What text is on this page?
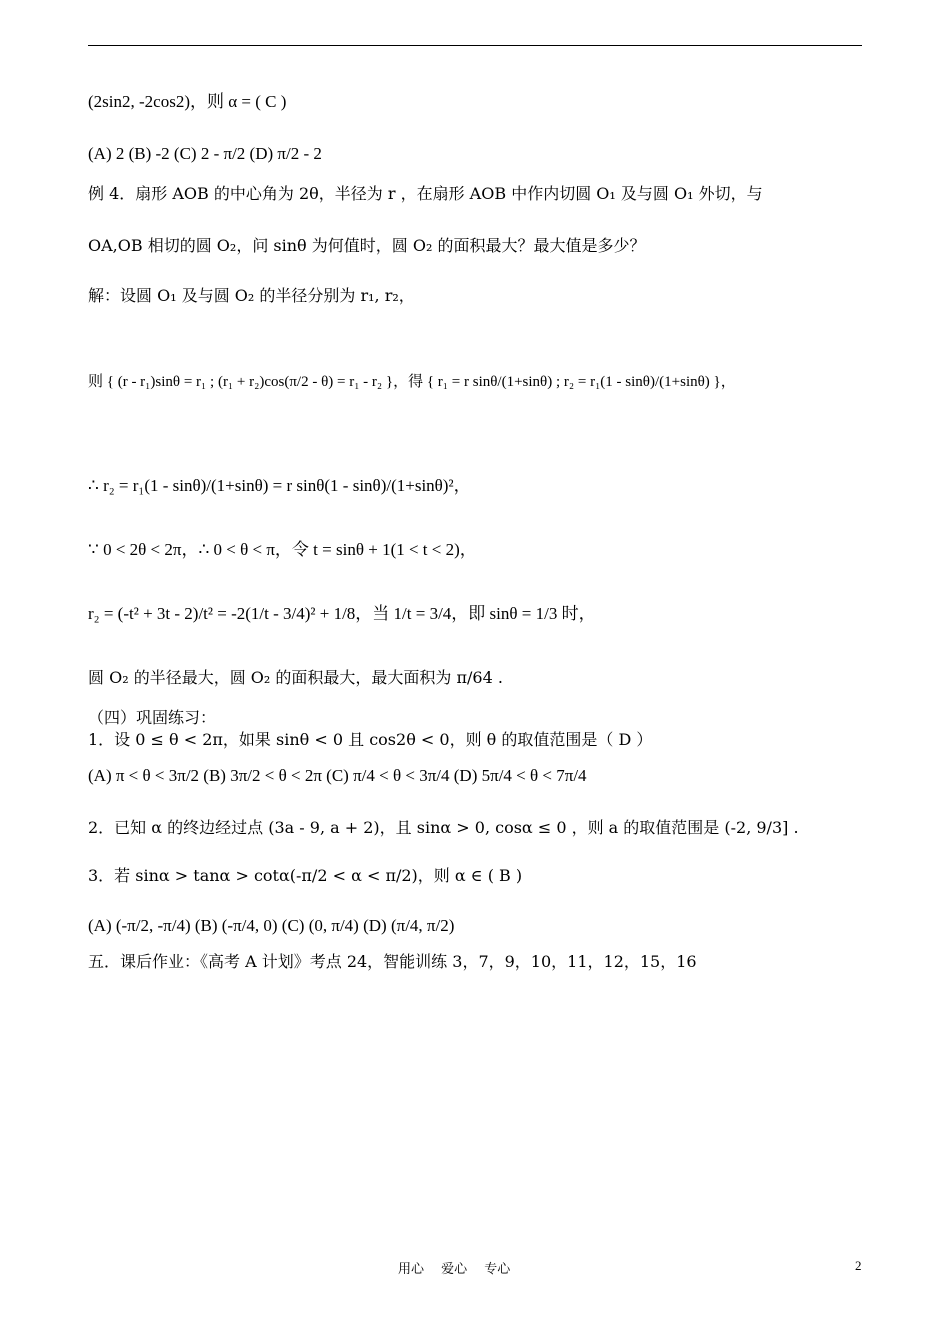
(2sin2, -2cos2)，则 α = ( C )
(A) 2 (B) -2 (C) 2 - π/2 (D) π/2 - 2
例 4．扇形 AOB 的中心角为 2θ，半径为 r ，在扇形 AOB 中作内切圆 O₁ 及与圆 O₁ 外切，与
OA,OB 相切的圆 O₂，问 sinθ 为何值时，圆 O₂ 的面积最大？最大值是多少？
解：设圆 O₁ 及与圆 O₂ 的半径分别为 r₁, r₂，
则 { (r - r₁)sinθ = r₁ ; (r₁ + r₂)cos(π/2 - θ) = r₁ - r₂ }，得 { r₁ = r sinθ/(1+sinθ) ; r₂ = r₁(1 - sinθ)/(1+sinθ) }，
∴ r₂ = r₁(1 - sinθ)/(1+sinθ) = r sinθ(1 - sinθ)/(1+sinθ)²，
∵ 0 < 2θ < 2π，∴ 0 < θ < π，令 t = sinθ + 1(1 < t < 2)，
r₂ = (-t² + 3t - 2)/t² = -2(1/t - 3/4)² + 1/8，当 1/t = 3/4，即 sinθ = 1/3 时，
圆 O₂ 的半径最大，圆 O₂ 的面积最大，最大面积为 π/64 .
（四）巩固练习：
1．设 0 ≤ θ < 2π，如果 sinθ < 0 且 cos2θ < 0，则 θ 的取值范围是（ D ）
(A) π < θ < 3π/2 (B) 3π/2 < θ < 2π (C) π/4 < θ < 3π/4 (D) 5π/4 < θ < 7π/4
2．已知 α 的终边经过点 (3a - 9, a + 2)，且 sinα > 0, cosα ≤ 0 ，则 a 的取值范围是 (-2, 9/3] .
3．若 sinα > tanα > cotα(-π/2 < α < π/2)，则 α ∈ ( B )
(A) (-π/2, -π/4) (B) (-π/4, 0) (C) (0, π/4) (D) (π/4, π/2)
五．课后作业：《高考 A 计划》考点 24，智能训练 3，7，9，10，11，12，15，16
用心　 爱心　 专心	2
